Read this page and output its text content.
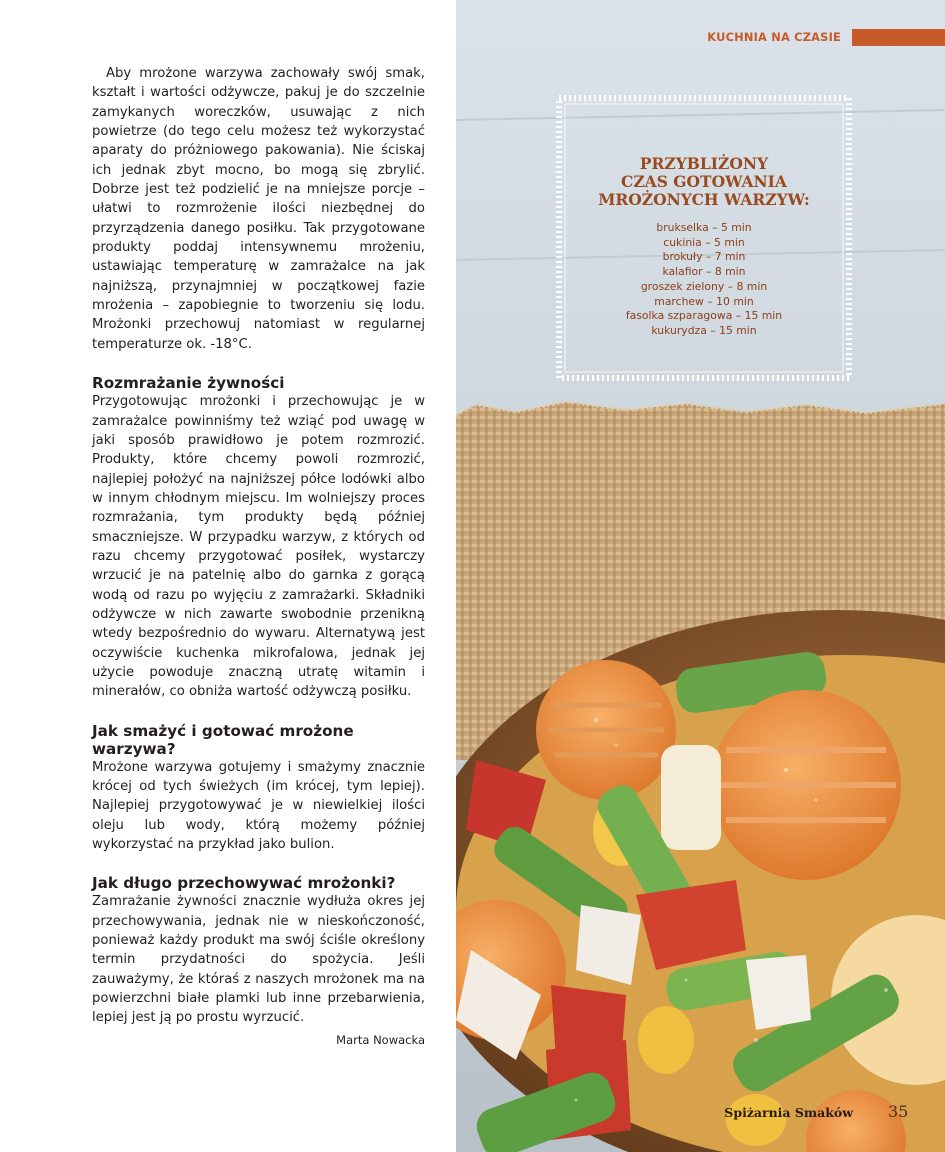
KUCHNIA NA CZASIE
PRZYBLIŻONY
CZAS GOTOWANIA
MROŻONYCH WARZYW:
brukselka – 5 min
cukinia – 5 min
brokuły – 7 min
kalafior – 8 min
groszek zielony – 8 min
marchew – 10 min
fasolka szparagowa – 15 min
kukurydza – 15 min

Aby mrożone warzywa zachowały swój smak, kształt i wartości odżywcze, pakuj je do szczelnie zamykanych woreczków, usuwając z nich powietrze (do tego celu możesz też wykorzystać aparaty do próżniowego pakowania). Nie ściskaj ich jednak zbyt mocno, bo mogą się zbrylić. Dobrze jest też podzielić je na mniejsze porcje – ułatwi to rozmrożenie ilości niezbędnej do przyrządzenia danego posiłku. Tak przygotowane produkty poddaj intensywnemu mrożeniu, ustawiając temperaturę w zamrażalce na jak najniższą, przynajmniej w początkowej fazie mrożenia – zapobiegnie to tworzeniu się lodu. Mrożonki przechowuj natomiast w regularnej temperaturze ok. -18°C.

Rozmrażanie żywności

Przygotowując mrożonki i przechowując je w zamrażalce powinniśmy też wziąć pod uwagę w jaki sposób prawidłowo je potem rozmrozić. Produkty, które chcemy powoli rozmrozić, najlepiej położyć na najniższej półce lodówki albo w innym chłodnym miejscu. Im wolniejszy proces rozmrażania, tym produkty będą później smaczniejsze. W przypadku warzyw, z których od razu chcemy przygotować posiłek, wystarczy wrzucić je na patelnię albo do garnka z gorącą wodą od razu po wyjęciu z zamrażarki. Składniki odżywcze w nich zawarte swobodnie przenikną wtedy bezpośrednio do wywaru. Alternatywą jest oczywiście kuchenka mikrofalowa, jednak jej użycie powoduje znaczną utratę witamin i minerałów, co obniża wartość odżywczą posiłku.

Jak smażyć i gotować mrożone warzywa?

Mrożone warzywa gotujemy i smażymy znacznie krócej od tych świeżych (im krócej, tym lepiej). Najlepiej przygotowywać je w niewielkiej ilości oleju lub wody, którą możemy później wykorzystać na przykład jako bulion.

Jak długo przechowywać mrożonki?

Zamrażanie żywności znacznie wydłuża okres jej przechowywania, jednak nie w nieskończoność, ponieważ każdy produkt ma swój ściśle określony termin przydatności do spożycia. Jeśli zauważymy, że któraś z naszych mrożonek ma na powierzchni białe plamki lub inne przebarwienia, lepiej jest ją po prostu wyrzucić.

Marta Nowacka
Spiżarnia Smaków 35
